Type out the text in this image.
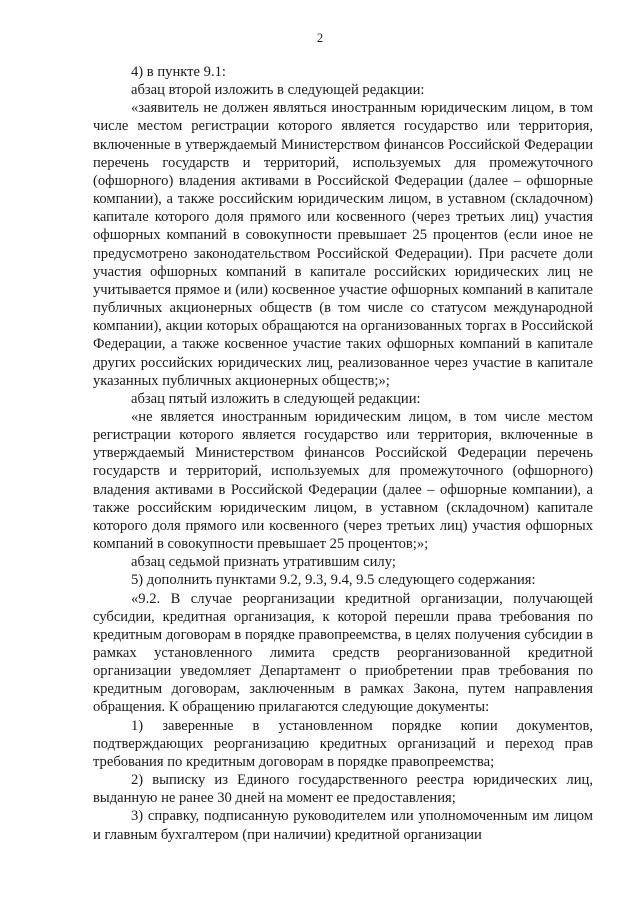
2

4) в пункте 9.1:

абзац второй изложить в следующей редакции:

«заявитель не должен являться иностранным юридическим лицом, в том числе местом регистрации которого является государство или территория, включенные в утверждаемый Министерством финансов Российской Федерации перечень государств и территорий, используемых для промежуточного (офшорного) владения активами в Российской Федерации (далее – офшорные компании), а также российским юридическим лицом, в уставном (складочном) капитале которого доля прямого или косвенного (через третьих лиц) участия офшорных компаний в совокупности превышает 25 процентов (если иное не предусмотрено законодательством Российской Федерации). При расчете доли участия офшорных компаний в капитале российских юридических лиц не учитывается прямое и (или) косвенное участие офшорных компаний в капитале публичных акционерных обществ (в том числе со статусом международной компании), акции которых обращаются на организованных торгах в Российской Федерации, а также косвенное участие таких офшорных компаний в капитале других российских юридических лиц, реализованное через участие в капитале указанных публичных акционерных обществ;»;

абзац пятый изложить в следующей редакции:

«не является иностранным юридическим лицом, в том числе местом регистрации которого является государство или территория, включенные в утверждаемый Министерством финансов Российской Федерации перечень государств и территорий, используемых для промежуточного (офшорного) владения активами в Российской Федерации (далее – офшорные компании), а также российским юридическим лицом, в уставном (складочном) капитале которого доля прямого или косвенного (через третьих лиц) участия офшорных компаний в совокупности превышает 25 процентов;»;

абзац седьмой признать утратившим силу;

5) дополнить пунктами 9.2, 9.3, 9.4, 9.5 следующего содержания:

«9.2. В случае реорганизации кредитной организации, получающей субсидии, кредитная организация, к которой перешли права требования по кредитным договорам в порядке правопреемства, в целях получения субсидии в рамках установленного лимита средств реорганизованной кредитной организации уведомляет Департамент о приобретении прав требования по кредитным договорам, заключенным в рамках Закона, путем направления обращения. К обращению прилагаются следующие документы:

1) заверенные в установленном порядке копии документов, подтверждающих реорганизацию кредитных организаций и переход прав требования по кредитным договорам в порядке правопреемства;

2) выписку из Единого государственного реестра юридических лиц, выданную не ранее 30 дней на момент ее предоставления;

3) справку, подписанную руководителем или уполномоченным им лицом и главным бухгалтером (при наличии) кредитной организации
